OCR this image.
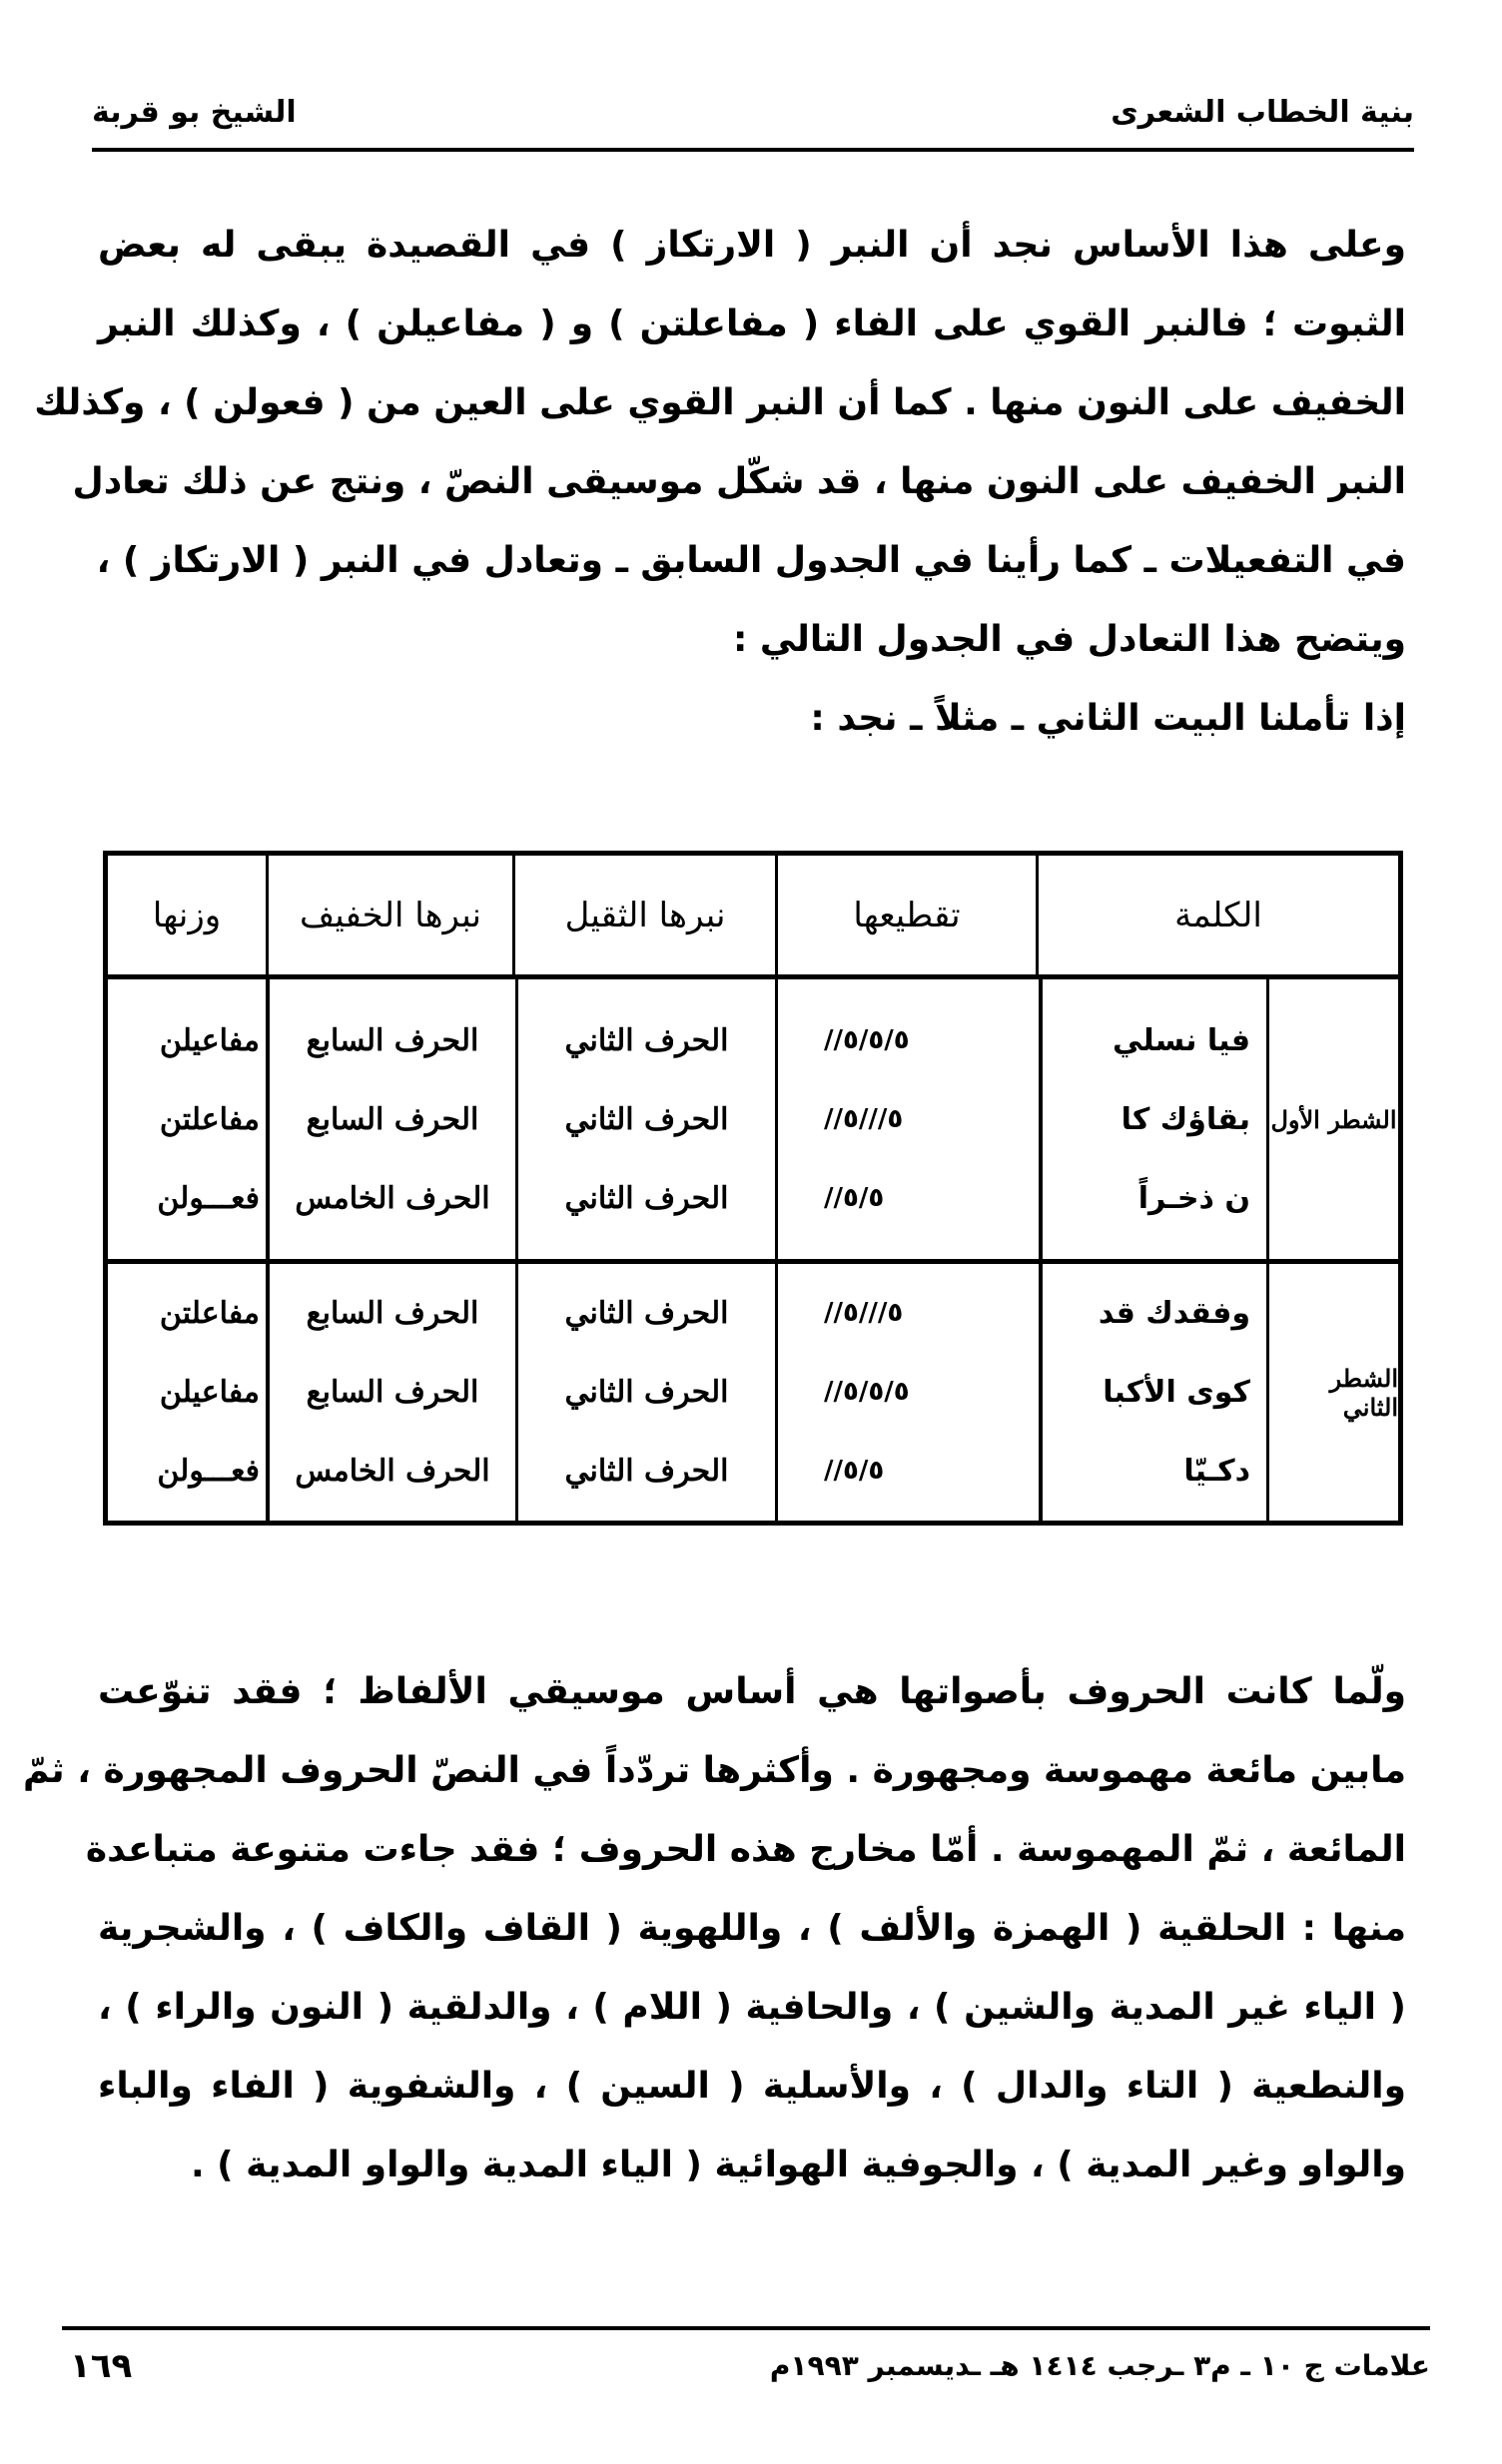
بنية الخطاب الشعرى
الشيخ بو قربة
وعلى هذا الأساس نجد أن النبر ( الارتكاز ) في القصيدة يبقى له بعض
الثبوت ؛ فالنبر القوي على الفاء ( مفاعلتن ) و ( مفاعيلن ) ، وكذلك النبر
الخفيف على النون منها . كما أن النبر القوي على العين من ( فعولن ) ، وكذلك
النبر الخفيف على النون منها ، قد شكّل موسيقى النصّ ، ونتج عن ذلك تعادل
في التفعيلات ـ كما رأينا في الجدول السابق ـ وتعادل في النبر ( الارتكاز ) ،
ويتضح هذا التعادل في الجدول التالي :
إذا تأملنا البيت الثاني ـ مثلاً ـ نجد :
الكلمة
تقطيعها
نبرها الثقيل
نبرها الخفيف
وزنها
الشطر الأول
فيا نسلي
بقاؤك كا
ن ذخـراً
//٥/٥/٥
//٥///٥
//٥/٥
الحرف الثاني
الحرف الثاني
الحرف الثاني
الحرف السابع
الحرف السابع
الحرف الخامس
مفاعيلن
مفاعلتن
فعـــولن
الشطر الثاني
وفقدك قد
كوى الأكبا
دكـيّا
//٥///٥
//٥/٥/٥
//٥/٥
الحرف الثاني
الحرف الثاني
الحرف الثاني
الحرف السابع
الحرف السابع
الحرف الخامس
مفاعلتن
مفاعيلن
فعـــولن
ولّما كانت الحروف بأصواتها هي أساس موسيقي الألفاظ ؛ فقد تنوّعت
مابين مائعة مهموسة ومجهورة . وأكثرها تردّداً في النصّ الحروف المجهورة ، ثمّ
المائعة ، ثمّ المهموسة . أمّا مخارج هذه الحروف ؛ فقد جاءت متنوعة متباعدة
منها : الحلقية ( الهمزة والألف ) ، واللهوية ( القاف والكاف ) ، والشجرية
( الياء غير المدية والشين ) ، والحافية ( اللام ) ، والدلقية ( النون والراء ) ،
والنطعية ( التاء والدال ) ، والأسلية ( السين ) ، والشفوية ( الفاء والباء
والواو وغير المدية ) ، والجوفية الهوائية ( الياء المدية والواو المدية ) .
علامات ج ١٠ ـ م٣ ـرجب ١٤١٤ هـ ـديسمبر ١٩٩٣م
١٦٩
